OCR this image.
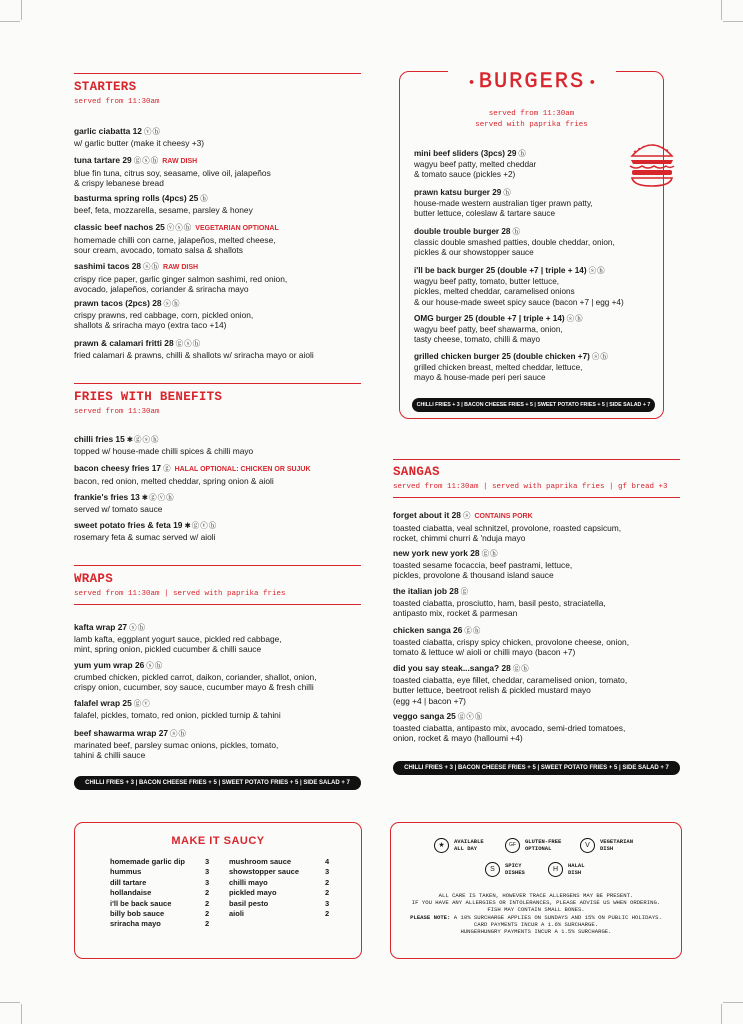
STARTERS
served from 11:30am
garlic ciabatta 12 ⓥⓗ
w/ garlic butter (make it cheesy +3)
tuna tartare 29 ⓖⓢⓗ RAW DISH
blue fin tuna, citrus soy, seasame, olive oil, jalapeños
& crispy lebanese bread
basturma spring rolls (4pcs) 25 ⓗ
beef, feta, mozzarella, sesame, parsley & honey
classic beef nachos 25 ⓥⓢⓗ VEGETARIAN OPTIONAL
homemade chilli con carne, jalapeños, melted cheese,
sour cream, avocado, tomato salsa & shallots
sashimi tacos 28 ⓢⓗ RAW DISH
crispy rice paper, garlic ginger salmon sashimi, red onion,
avocado, jalapeños, coriander & sriracha mayo
prawn tacos (2pcs) 28 ⓢⓗ
crispy prawns, red cabbage, corn, pickled onion,
shallots & sriracha mayo (extra taco +14)
prawn & calamari fritti 28 ⓖⓢⓗ
fried calamari & prawns, chilli & shallots w/ sriracha mayo or aioli
FRIES WITH BENEFITS
served from 11:30am
chilli fries 15 ✱ⓖⓢⓗ
topped w/ house-made chilli spices & chilli mayo
bacon cheesy fries 17 ⓖ HALAL OPTIONAL: CHICKEN OR SUJUK
bacon, red onion, melted cheddar, spring onion & aioli
frankie's fries 13 ✱ⓖⓥⓗ
served w/ tomato sauce
sweet potato fries & feta 19 ✱ⓖⓥⓗ
rosemary feta & sumac served w/ aioli
WRAPS
served from 11:30am | served with paprika fries
kafta wrap 27 ⓢⓗ
lamb kafta, eggplant yogurt sauce, pickled red cabbage,
mint, spring onion, pickled cucumber & chilli sauce
yum yum wrap 26 ⓢⓗ
crumbed chicken, pickled carrot, daikon, coriander, shallot, onion,
crispy onion, cucumber, soy sauce, cucumber mayo & fresh chilli
falafel wrap 25 ⓖⓥ
falafel, pickles, tomato, red onion, pickled turnip & tahini
beef shawarma wrap 27 ⓢⓗ
marinated beef, parsley sumac onions, pickles, tomato,
tahini & chilli sauce
CHILLI FRIES + 3 | BACON CHEESE FRIES + 5 | SWEET POTATO FRIES + 5 | SIDE SALAD + 7
● BURGERS ●
served from 11:30am
served with paprika fries
mini beef sliders (3pcs) 29 ⓗ
wagyu beef patty, melted cheddar
& tomato sauce (pickles +2)
prawn katsu burger 29 ⓗ
house-made western australian tiger prawn patty,
butter lettuce, coleslaw & tartare sauce
double trouble burger 28 ⓗ
classic double smashed patties, double cheddar, onion,
pickles & our showstopper sauce
i'll be back burger 25 (double +7 | triple + 14) ⓢⓗ
wagyu beef patty, tomato, butter lettuce,
pickles, melted cheddar, caramelised onions
& our house-made sweet spicy sauce (bacon +7 | egg +4)
OMG burger 25 (double +7 | triple + 14) ⓢⓗ
wagyu beef patty, beef shawarma, onion,
tasty cheese, tomato, chilli & mayo
grilled chicken burger 25 (double chicken +7) ⓢⓗ
grilled chicken breast, melted cheddar, lettuce,
mayo & house-made peri peri sauce
CHILLI FRIES + 3 | BACON CHEESE FRIES + 5 | SWEET POTATO FRIES + 5 | SIDE SALAD + 7
SANGAS
served from 11:30am | served with paprika fries | gf bread +3
forget about it 28 ⓢ CONTAINS PORK
toasted ciabatta, veal schnitzel, provolone, roasted capsicum,
rocket, chimmi churri & 'nduja mayo
new york new york 28 ⓖⓗ
toasted sesame focaccia, beef pastrami, lettuce,
pickles, provolone & thousand island sauce
the italian job 28 ⓖ
toasted ciabatta, prosciutto, ham, basil pesto, straciatella,
antipasto mix, rocket & parmesan
chicken sanga 26 ⓖⓗ
toasted ciabatta, crispy spicy chicken, provolone cheese, onion,
tomato & lettuce w/ aioli or chilli mayo (bacon +7)
did you say steak...sanga? 28 ⓖⓗ
toasted ciabatta, eye fillet, cheddar, caramelised onion, tomato,
butter lettuce, beetroot relish & pickled mustard mayo
(egg +4 | bacon +7)
veggo sanga 25 ⓖⓥⓗ
toasted ciabatta, antipasto mix, avocado, semi-dried tomatoes,
onion, rocket & mayo (halloumi +4)
CHILLI FRIES + 3 | BACON CHEESE FRIES + 5 | SWEET POTATO FRIES + 5 | SIDE SALAD + 7
MAKE IT SAUCY
homemade garlic dip	3
hummus	3
dill tartare	3
hollandaise	2
i'll be back sauce	2
billy bob sauce	2
sriracha mayo	2
mushroom sauce	4
showstopper sauce	3
chilli mayo	2
pickled mayo	2
basil pesto	3
aioli	2
★
AVAILABLE
ALL DAY	GF	GLUTEN-FREE
OPTIONAL	V
VEGETARIAN
DISH
S
SPICY
DISHES	H
HALAL
DISH
ALL CARE IS TAKEN, HOWEVER TRACE ALLERGENS MAY BE PRESENT.
IF YOU HAVE ANY ALLERGIES OR INTOLERANCES, PLEASE ADVISE US WHEN ORDERING.
FISH MAY CONTAIN SMALL BONES.
PLEASE NOTE: A 10% SURCHARGE APPLIES ON SUNDAYS AND 15% ON PUBLIC HOLIDAYS.
CARD PAYMENTS INCUR A 1.6% SURCHARGE.
HUNGERHUNGRY PAYMENTS INCUR A 1.5% SURCHARGE.
